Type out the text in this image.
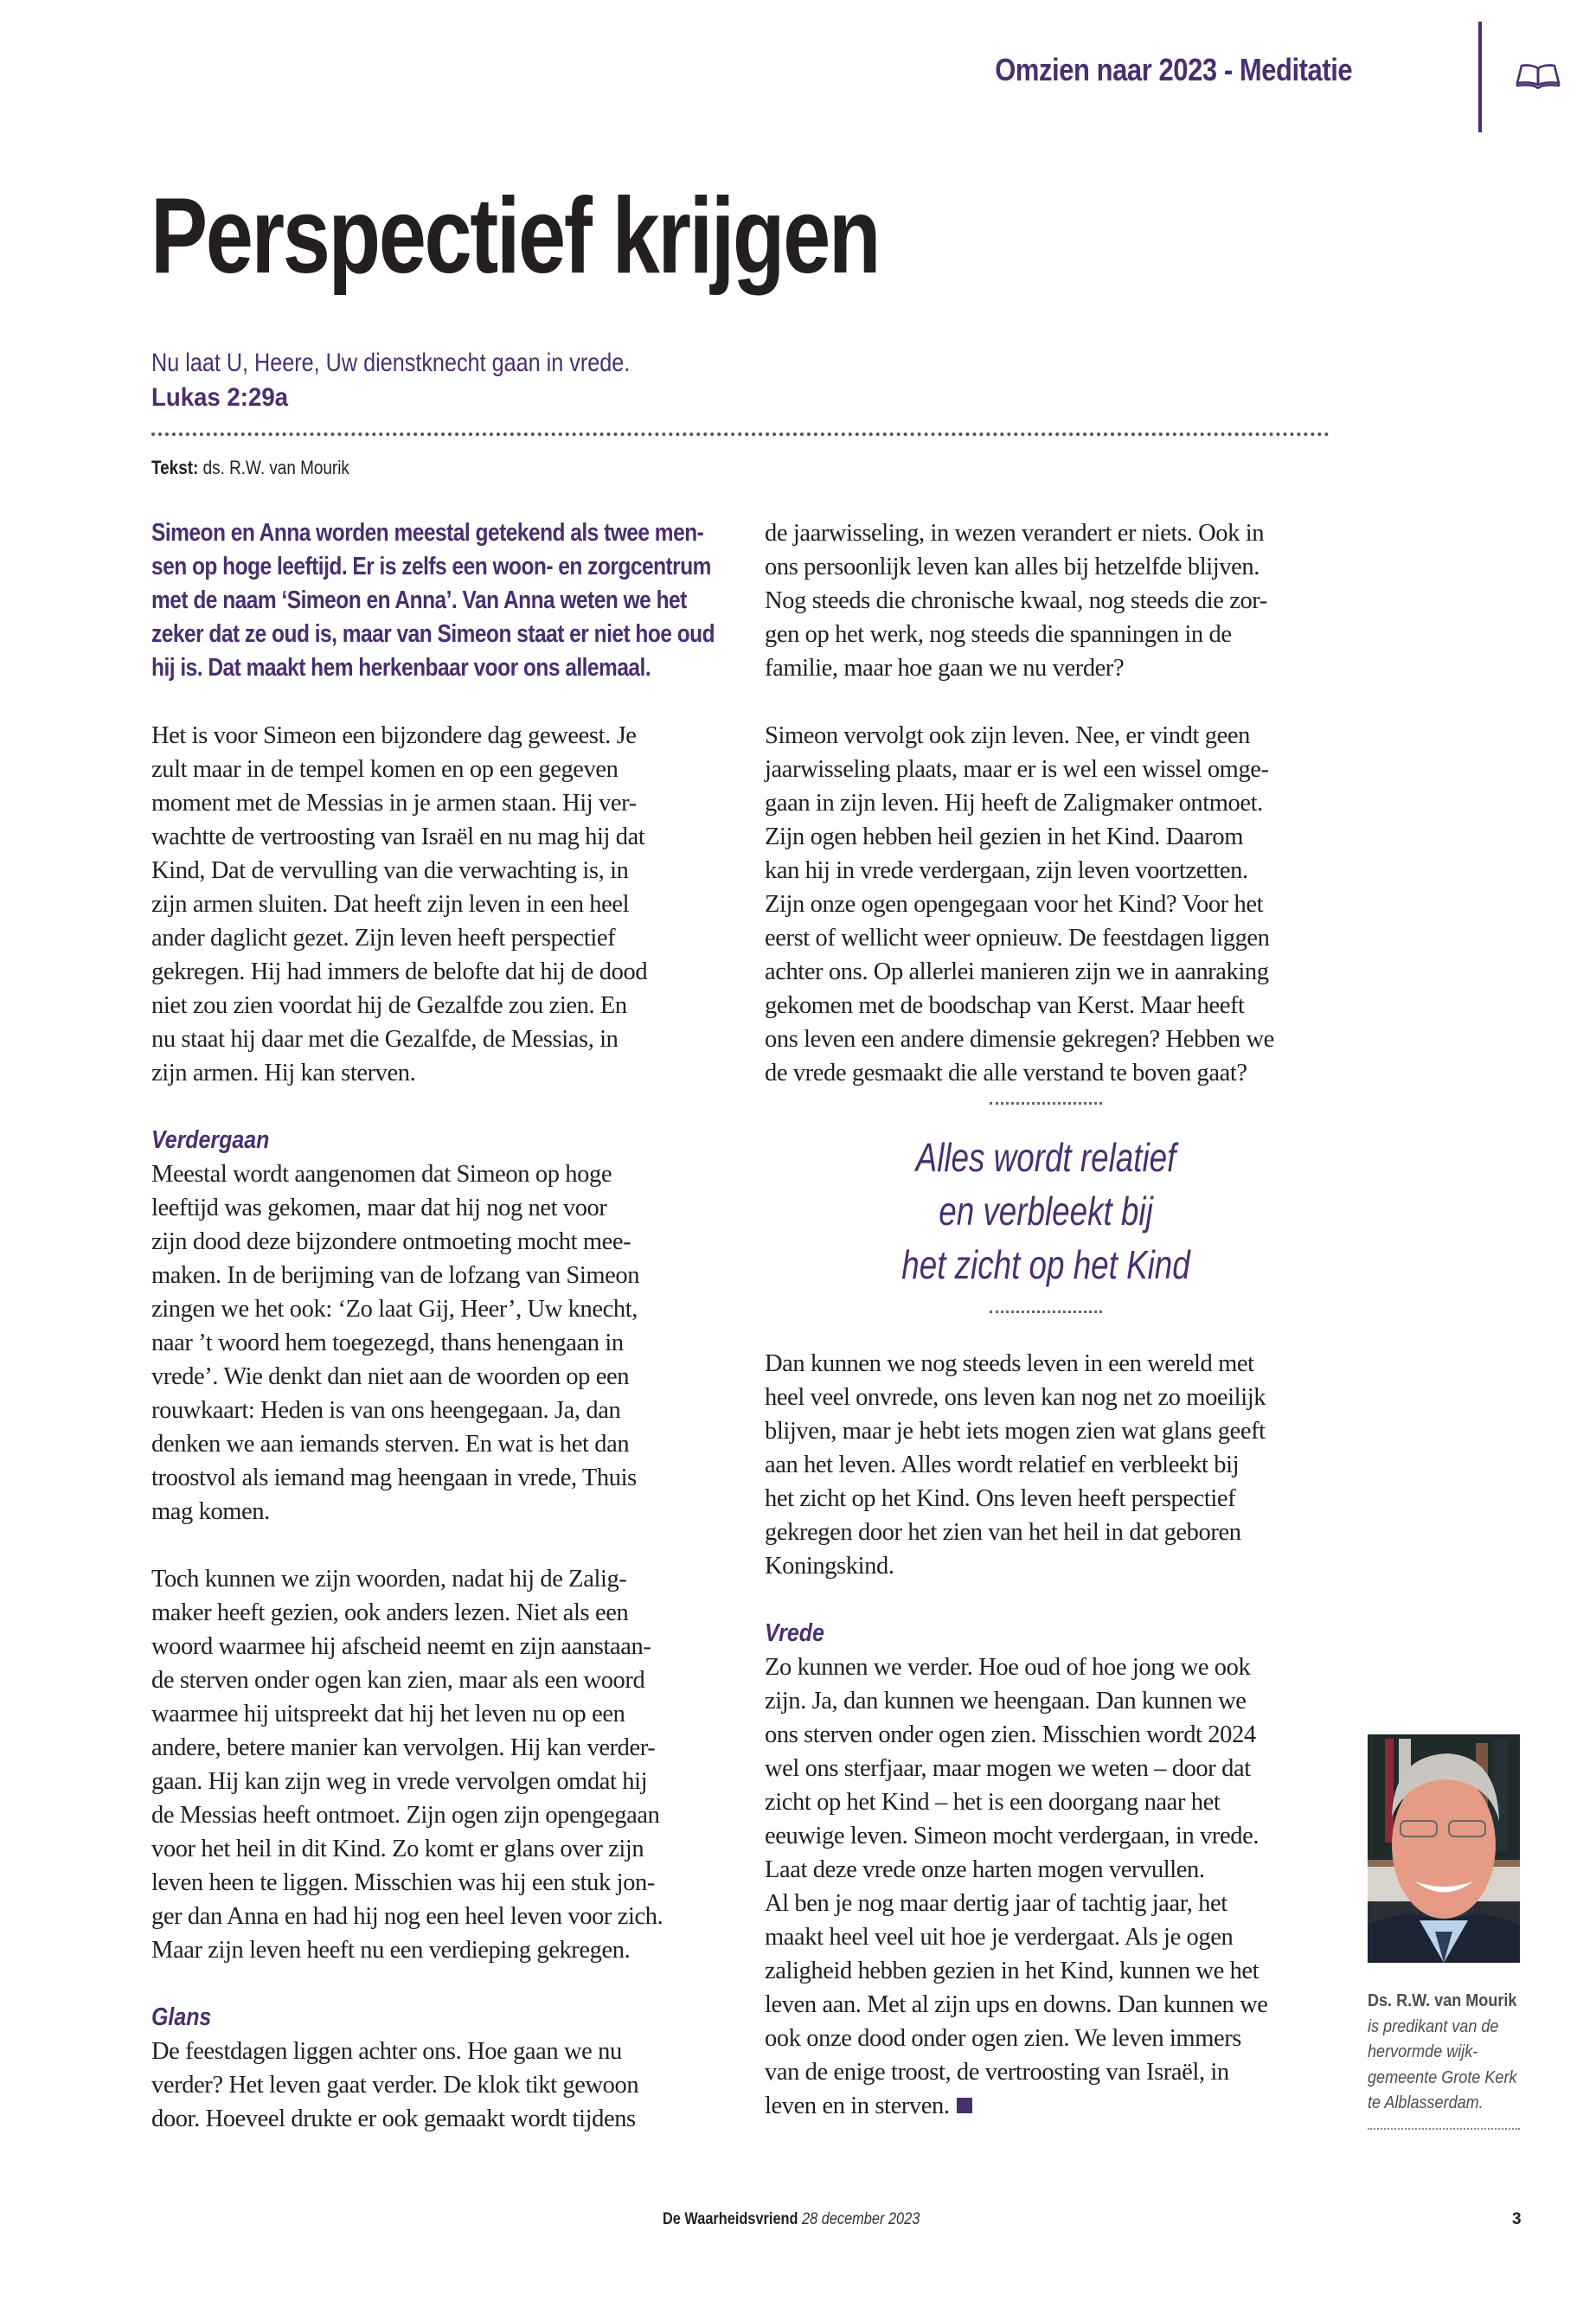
Omzien naar 2023 - Meditatie
Perspectief krijgen
Nu laat U, Heere, Uw dienstknecht gaan in vrede.
Lukas 2:29a
Tekst: ds. R.W. van Mourik
Simeon en Anna worden meestal getekend als twee men-
sen op hoge leeftijd. Er is zelfs een woon- en zorgcentrum
met de naam ‘Simeon en Anna’. Van Anna weten we het
zeker dat ze oud is, maar van Simeon staat er niet hoe oud
hij is. Dat maakt hem herkenbaar voor ons allemaal.

Het is voor Simeon een bijzondere dag geweest. Je
zult maar in de tempel komen en op een gegeven
moment met de Messias in je armen staan. Hij ver-
wachtte de vertroosting van Israël en nu mag hij dat
Kind, Dat de vervulling van die verwachting is, in
zijn armen sluiten. Dat heeft zijn leven in een heel
ander daglicht gezet. Zijn leven heeft perspectief
gekregen. Hij had immers de belofte dat hij de dood
niet zou zien voordat hij de Gezalfde zou zien. En
nu staat hij daar met die Gezalfde, de Messias, in
zijn armen. Hij kan sterven.

Verdergaan

Meestal wordt aangenomen dat Simeon op hoge
leeftijd was gekomen, maar dat hij nog net voor
zijn dood deze bijzondere ontmoeting mocht mee-
maken. In de berijming van de lofzang van Simeon
zingen we het ook: ‘Zo laat Gij, Heer’, Uw knecht,
naar ’t woord hem toegezegd, thans henengaan in
vrede’. Wie denkt dan niet aan de woorden op een
rouwkaart: Heden is van ons heengegaan. Ja, dan
denken we aan iemands sterven. En wat is het dan
troostvol als iemand mag heengaan in vrede, Thuis
mag komen.

Toch kunnen we zijn woorden, nadat hij de Zalig-
maker heeft gezien, ook anders lezen. Niet als een
woord waarmee hij afscheid neemt en zijn aanstaan-
de sterven onder ogen kan zien, maar als een woord
waarmee hij uitspreekt dat hij het leven nu op een
andere, betere manier kan vervolgen. Hij kan verder-
gaan. Hij kan zijn weg in vrede vervolgen omdat hij
de Messias heeft ontmoet. Zijn ogen zijn opengegaan
voor het heil in dit Kind. Zo komt er glans over zijn
leven heen te liggen. Misschien was hij een stuk jon-
ger dan Anna en had hij nog een heel leven voor zich.
Maar zijn leven heeft nu een verdieping gekregen.

Glans

De feestdagen liggen achter ons. Hoe gaan we nu
verder? Het leven gaat verder. De klok tikt gewoon
door. Hoeveel drukte er ook gemaakt wordt tijdens

de jaarwisseling, in wezen verandert er niets. Ook in
ons persoonlijk leven kan alles bij hetzelfde blijven.
Nog steeds die chronische kwaal, nog steeds die zor-
gen op het werk, nog steeds die spanningen in de
familie, maar hoe gaan we nu verder?

Simeon vervolgt ook zijn leven. Nee, er vindt geen
jaarwisseling plaats, maar er is wel een wissel omge-
gaan in zijn leven. Hij heeft de Zaligmaker ontmoet.
Zijn ogen hebben heil gezien in het Kind. Daarom
kan hij in vrede verdergaan, zijn leven voortzetten.
Zijn onze ogen opengegaan voor het Kind? Voor het
eerst of wellicht weer opnieuw. De feestdagen liggen
achter ons. Op allerlei manieren zijn we in aanraking
gekomen met de boodschap van Kerst. Maar heeft
ons leven een andere dimensie gekregen? Hebben we
de vrede gesmaakt die alle verstand te boven gaat?

Alles wordt relatief
en verbleekt bij
het zicht op het Kind

Dan kunnen we nog steeds leven in een wereld met
heel veel onvrede, ons leven kan nog net zo moeilijk
blijven, maar je hebt iets mogen zien wat glans geeft
aan het leven. Alles wordt relatief en verbleekt bij
het zicht op het Kind. Ons leven heeft perspectief
gekregen door het zien van het heil in dat geboren
Koningskind.

Vrede

Zo kunnen we verder. Hoe oud of hoe jong we ook
zijn. Ja, dan kunnen we heengaan. Dan kunnen we
ons sterven onder ogen zien. Misschien wordt 2024
wel ons sterfjaar, maar mogen we weten – door dat
zicht op het Kind – het is een doorgang naar het
eeuwige leven. Simeon mocht verdergaan, in vrede.
Laat deze vrede onze harten mogen vervullen.
Al ben je nog maar dertig jaar of tachtig jaar, het
maakt heel veel uit hoe je verdergaat. Als je ogen
zaligheid hebben gezien in het Kind, kunnen we het
leven aan. Met al zijn ups en downs. Dan kunnen we
ook onze dood onder ogen zien. We leven immers
van de enige troost, de vertroosting van Israël, in
leven en in sterven.

Ds. R.W. van Mourik
is predikant van de
hervormde wijk-
gemeente Grote Kerk
te Alblasserdam.
De Waarheidsvriend 28 december 2023	3
